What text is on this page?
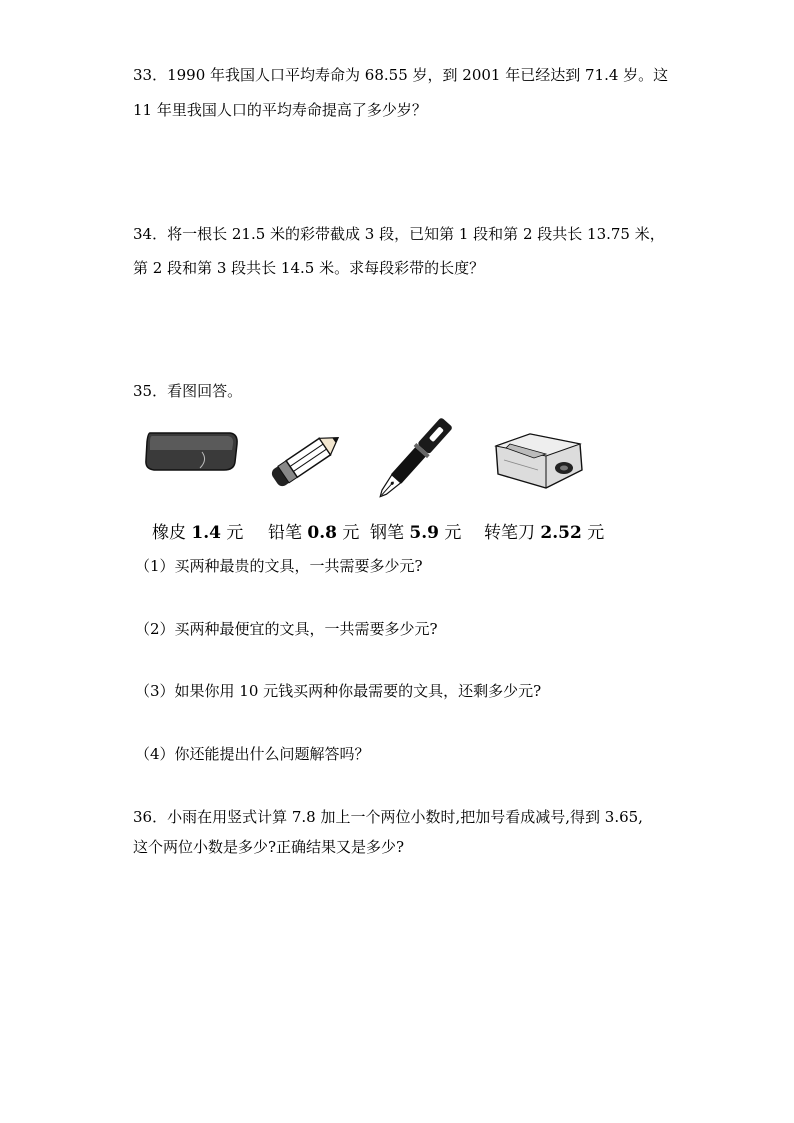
33．1990 年我国人口平均寿命为 68.55 岁，到 2001 年已经达到 71.4 岁。这
11 年里我国人口的平均寿命提高了多少岁？
34．将一根长 21.5 米的彩带截成 3 段，已知第 1 段和第 2 段共长 13.75 米，
第 2 段和第 3 段共长 14.5 米。求每段彩带的长度？
35．看图回答。
橡皮 1.4 元 铅笔 0.8 元 钢笔 5.9 元 转笔刀 2.52 元
（1）买两种最贵的文具，一共需要多少元?
（2）买两种最便宜的文具，一共需要多少元?
（3）如果你用 10 元钱买两种你最需要的文具，还剩多少元?
（4）你还能提出什么问题解答吗？
36．小雨在用竖式计算 7.8 加上一个两位小数时,把加号看成减号,得到 3.65,
这个两位小数是多少?正确结果又是多少?
